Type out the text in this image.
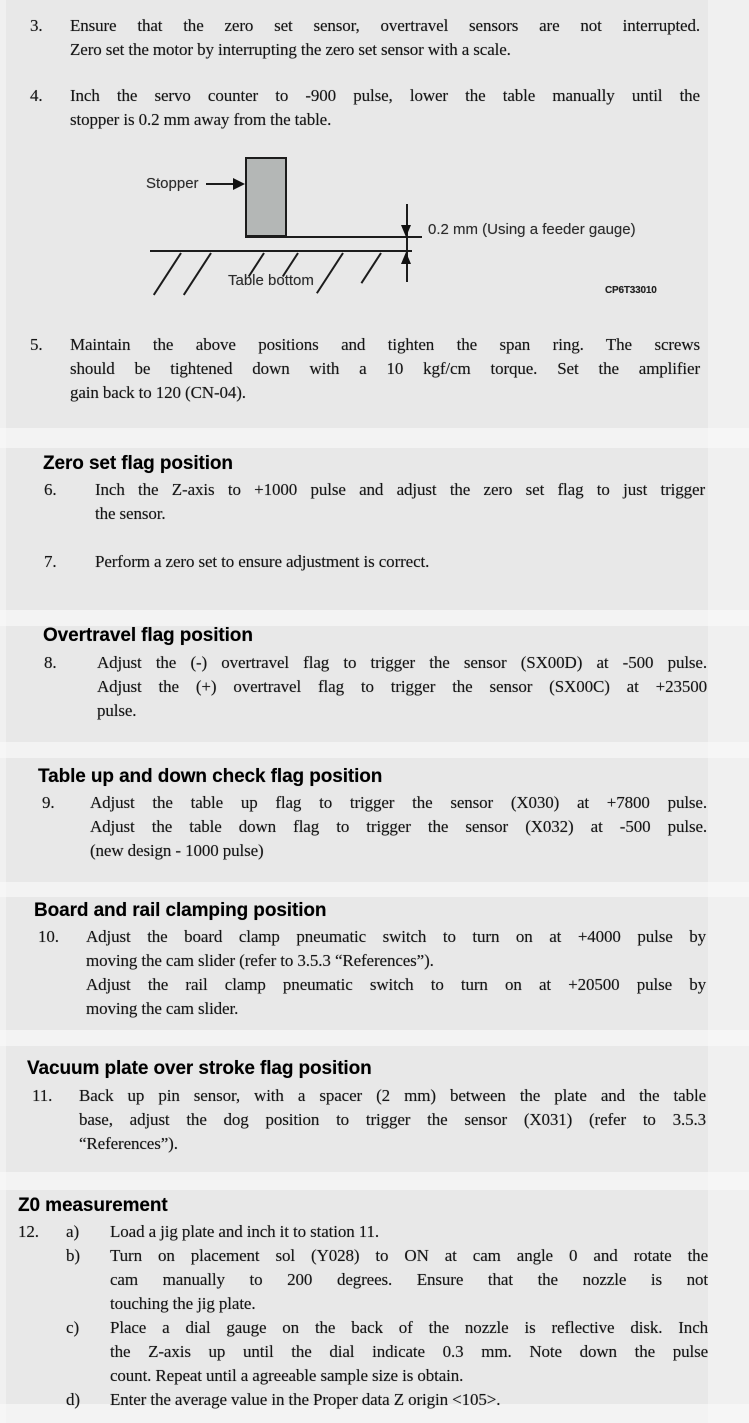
3. Ensure that the zero set sensor, overtravel sensors are not interrupted.
Zero set the motor by interrupting the zero set sensor with a scale.
4. Inch the servo counter to -900 pulse, lower the table manually until the
stopper is 0.2 mm away from the table.
Stopper
0.2 mm (Using a feeder gauge)
Table bottom
CP6T33010
5. Maintain the above positions and tighten the span ring. The screws
should be tightened down with a 10 kgf/cm torque. Set the amplifier
gain back to 120 (CN-04).
Zero set flag position
6. Inch the Z-axis to +1000 pulse and adjust the zero set flag to just trigger
the sensor.
7. Perform a zero set to ensure adjustment is correct.
Overtravel flag position
8. Adjust the (-) overtravel flag to trigger the sensor (SX00D) at -500 pulse.
Adjust the (+) overtravel flag to trigger the sensor (SX00C) at +23500
pulse.
Table up and down check flag position
9. Adjust the table up flag to trigger the sensor (X030) at +7800 pulse.
Adjust the table down flag to trigger the sensor (X032) at -500 pulse.
(new design - 1000 pulse)
Board and rail clamping position
10. Adjust the board clamp pneumatic switch to turn on at +4000 pulse by
moving the cam slider (refer to 3.5.3 “References”).
Adjust the rail clamp pneumatic switch to turn on at +20500 pulse by
moving the cam slider.
Vacuum plate over stroke flag position
11. Back up pin sensor, with a spacer (2 mm) between the plate and the table
base, adjust the dog position to trigger the sensor (X031) (refer to 3.5.3
“References”).
Z0 measurement
12. a) Load a jig plate and inch it to station 11.
b) Turn on placement sol (Y028) to ON at cam angle 0 and rotate the
cam manually to 200 degrees. Ensure that the nozzle is not
touching the jig plate.
c) Place a dial gauge on the back of the nozzle is reflective disk. Inch
the Z-axis up until the dial indicate 0.3 mm. Note down the pulse
count. Repeat until a agreeable sample size is obtain.
d) Enter the average value in the Proper data Z origin <105>.
